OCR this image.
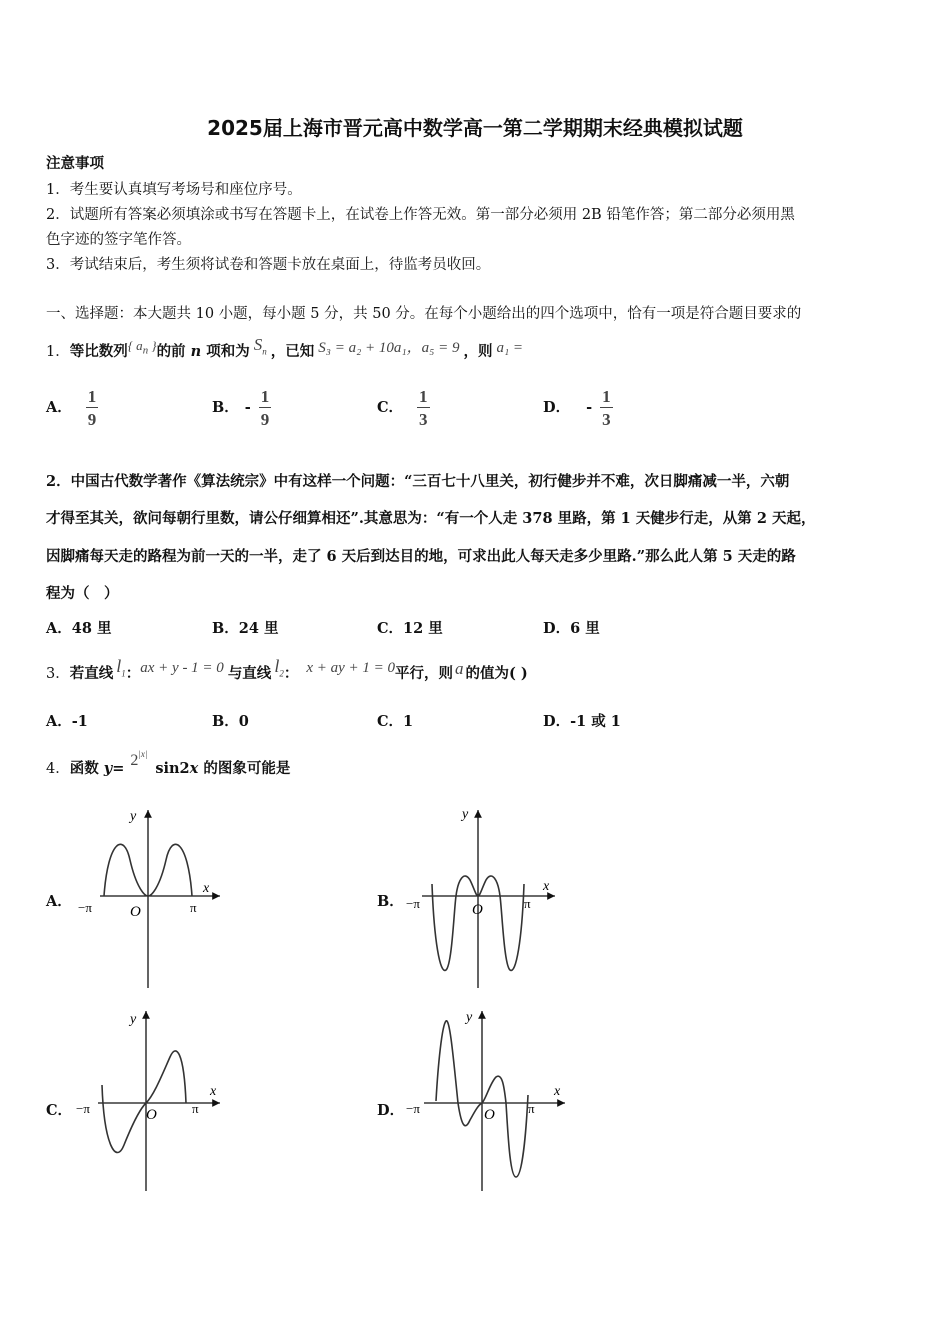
2025届上海市晋元高中数学高一第二学期期末经典模拟试题
注意事项
1．考生要认真填写考场号和座位序号。
2．试题所有答案必须填涂或书写在答题卡上，在试卷上作答无效。第一部分必须用 2B 铅笔作答；第二部分必须用黑
色字迹的签字笔作答。
3．考试结束后，考生须将试卷和答题卡放在桌面上，待监考员收回。
一、选择题：本大题共 10 小题，每小题 5 分，共 50 分。在每个小题给出的四个选项中，恰有一项是符合题目要求的
1．等比数列{ $a_n$ }的前 n 项和为 $S_n$ ，已知 S₃ = a₂ + 10a₁，a₅ = 9 ，则 a₁ =
A． $\frac{1}{9}$	B． - $\frac{1}{9}$	C． $\frac{1}{3}$	D． - $\frac{1}{3}$
2．中国古代数学著作《算法统宗》中有这样一个问题：“三百七十八里关，初行健步并不难，次日脚痛减一半，六朝
才得至其关，欲问每朝行里数，请公仔细算相还”.其意思为：“有一个人走 378 里路，第 1 天健步行走，从第 2 天起，
因脚痛每天走的路程为前一天的一半，走了 6 天后到达目的地，可求出此人每天走多少里路.”那么此人第 5 天走的路
程为（　）
A．48 里	B．24 里	C．12 里	D．6 里
3．若直线 $l_1$：ax + y - 1 = 0 与直线 $l_2$： x + ay + 1 = 0平行，则 a 的值为( )
A．-1	B．0	C．1	D．-1 或 1
4．函数 $y= 2^{|x|}\sin 2x$ 的图象可能是
A．	B．
C．	D．
y
x
O
−π	π
y
x
O
−π	π
y
x
O
−π	π
y
x
O
−π	π
